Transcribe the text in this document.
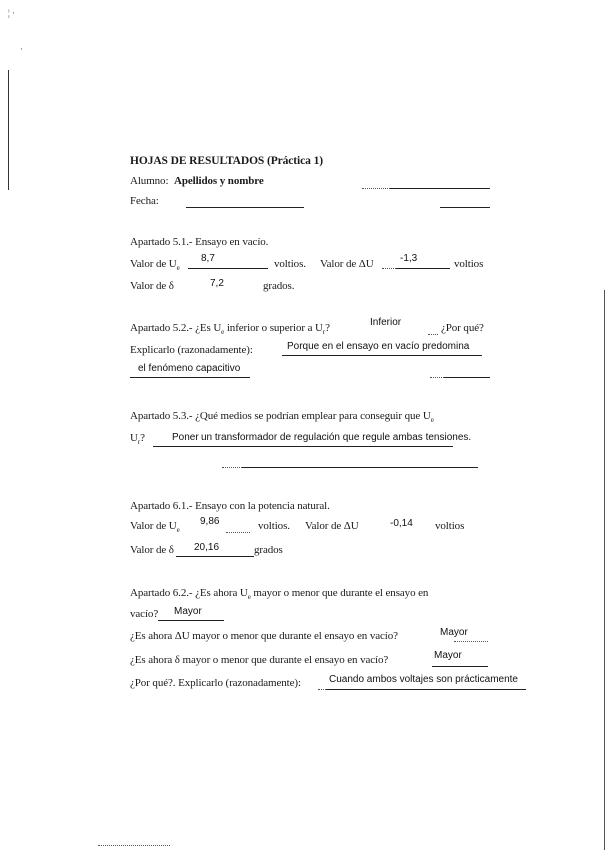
¦ ·
·
HOJAS DE RESULTADOS (Práctica 1)
Alumno: Apellidos y nombre
Fecha:
Apartado 5.1.- Ensayo en vacío.
Valor de $U_e$
8,7	voltios. Valor de ΔU	-1,3	voltios
Valor de δ	7,2	grados.
Apartado 5.2.- ¿Es $U_e$ inferior o superior a $U_r$?	Inferior	¿Por qué?
Explicarlo (razonadamente):	Porque en el ensayo en vacío predomina
el fenómeno capacitivo
Apartado 5.3.- ¿Qué medios se podrían emplear para conseguir que $U_e$
$U_r$?	Poner un transformador de regulación que regule ambas tensiones.
Apartado 6.1.- Ensayo con la potencia natural.
Valor de $U_e$
9,86	voltios. Valor de ΔU	-0,14 voltios
Valor de δ 20,16	grados
Apartado 6.2.- ¿Es ahora $U_e$ mayor o menor que durante el ensayo en
vacío? Mayor
¿Es ahora ΔU mayor o menor que durante el ensayo en vacío?	Mayor
¿Es ahora δ mayor o menor que durante el ensayo en vacío?	Mayor
¿Por qué?. Explicarlo (razonadamente):	Cuando ambos voltajes son prácticamente
